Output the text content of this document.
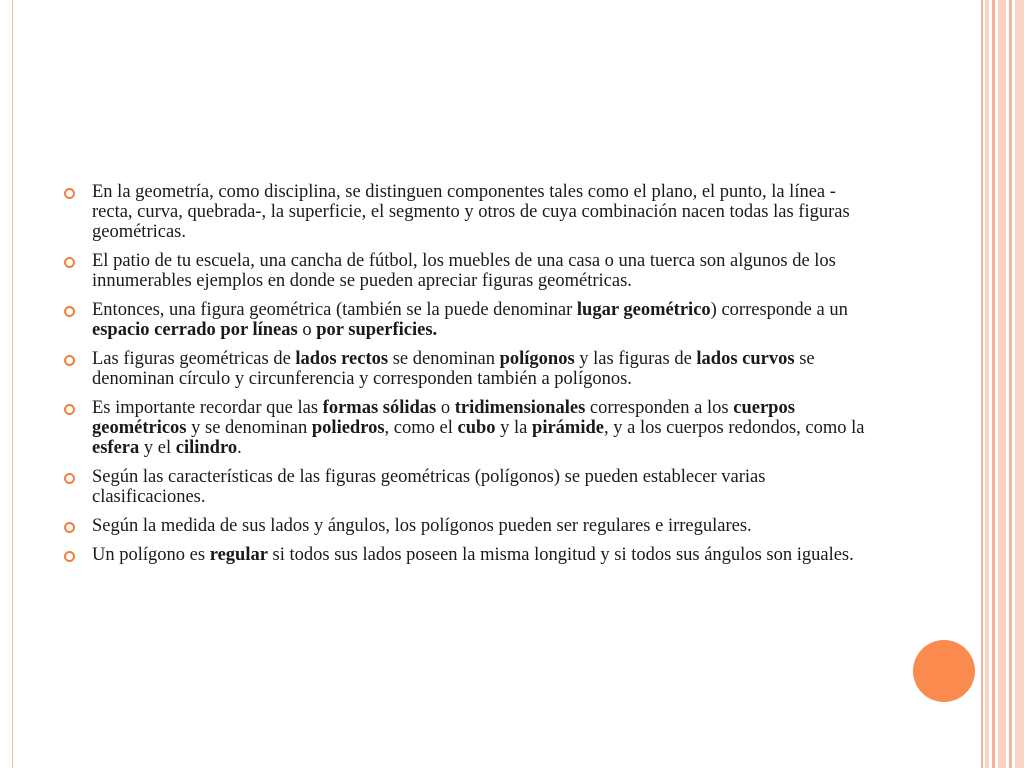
En la geometría, como disciplina, se distinguen componentes tales como el plano, el punto, la línea -recta, curva, quebrada-, la superficie, el segmento y otros de cuya combinación nacen todas las figuras geométricas.
El patio de tu escuela, una cancha de fútbol, los muebles de una casa o una tuerca son algunos de los innumerables ejemplos en donde se pueden apreciar figuras geométricas.
Entonces, una figura geométrica (también se la puede denominar lugar geométrico) corresponde a un espacio cerrado por líneas o por superficies.
Las figuras geométricas de lados rectos se denominan polígonos y las figuras de lados curvos se denominan círculo y circunferencia y corresponden también a polígonos.
Es importante recordar que las formas sólidas o tridimensionales corresponden a los cuerpos geométricos y se denominan poliedros, como el cubo y la pirámide, y a los cuerpos redondos, como la esfera y el cilindro.
Según las características de las figuras geométricas (polígonos) se pueden establecer varias clasificaciones.
Según la medida de sus lados y ángulos, los polígonos pueden ser regulares e irregulares.
Un polígono es regular si todos sus lados poseen la misma longitud y si todos sus ángulos son iguales.
